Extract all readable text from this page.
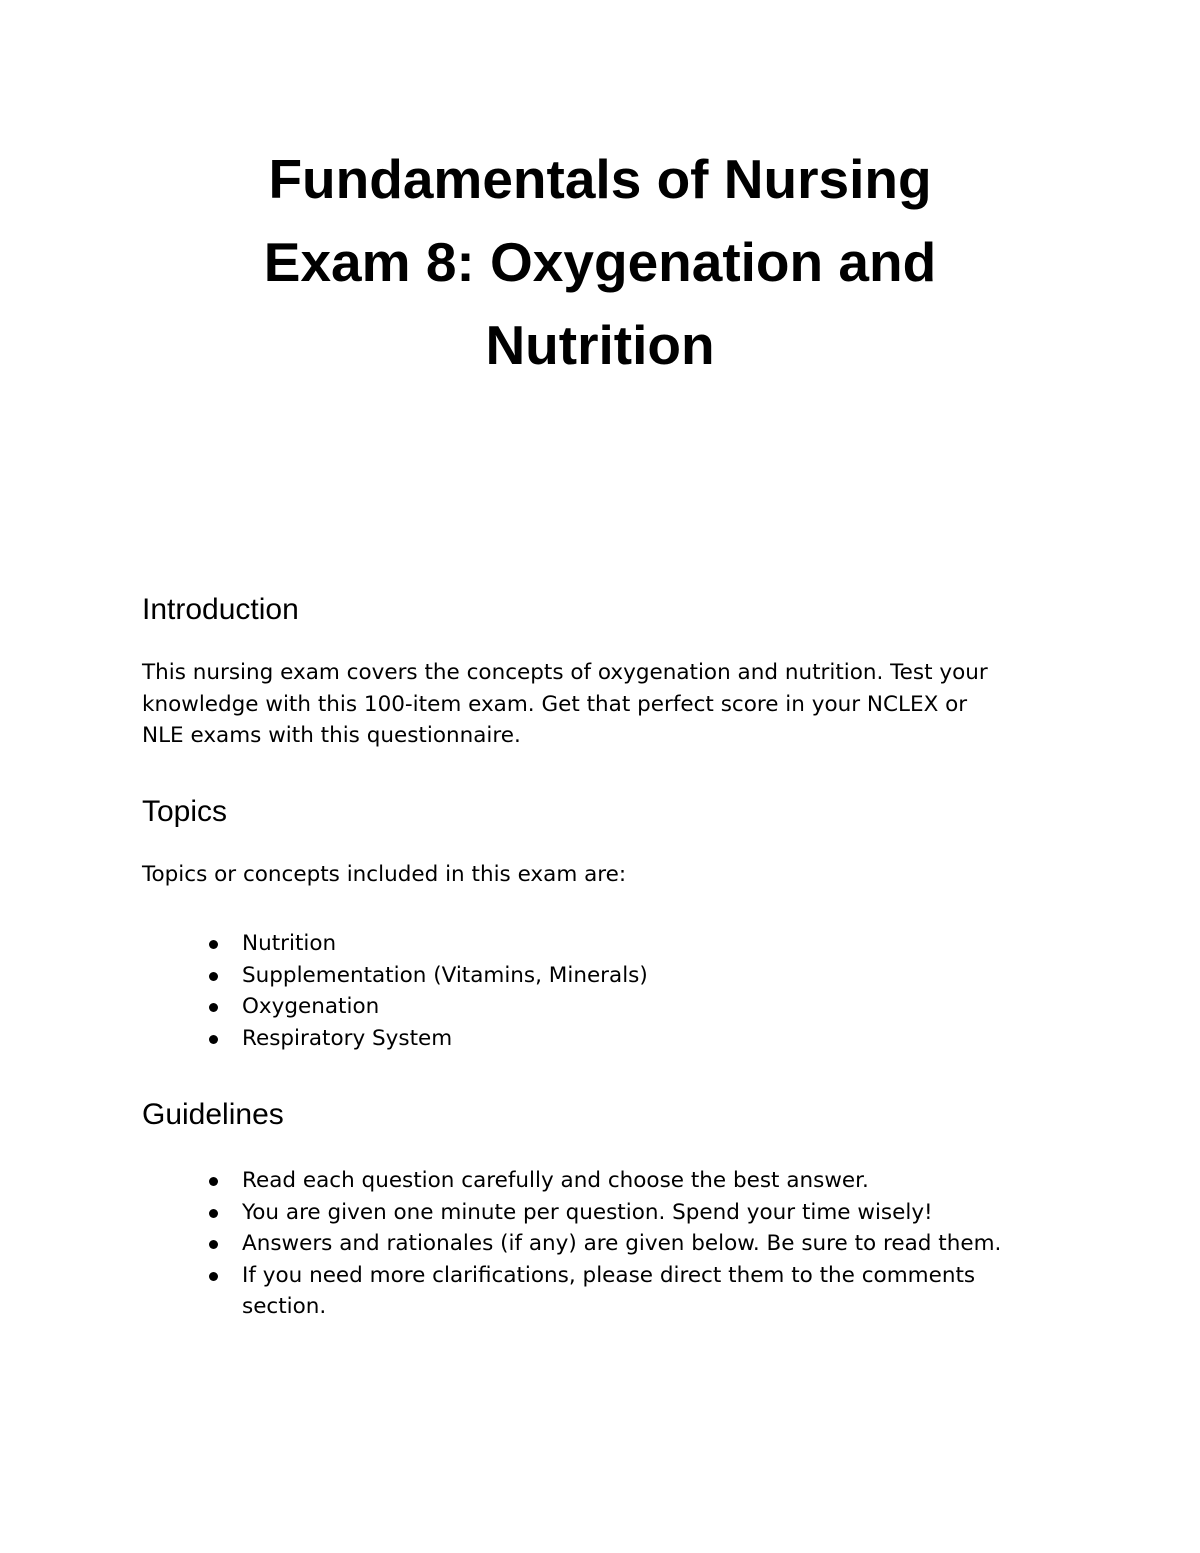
Fundamentals of Nursing
Exam 8: Oxygenation and
Nutrition
Introduction

This nursing exam covers the concepts of oxygenation and nutrition. Test your
knowledge with this 100-item exam. Get that perfect score in your NCLEX or
NLE exams with this questionnaire.

Topics

Topics or concepts included in this exam are:

Nutrition
Supplementation (Vitamins, Minerals)
Oxygenation
Respiratory System
Guidelines
Read each question carefully and choose the best answer.
You are given one minute per question. Spend your time wisely!
Answers and rationales (if any) are given below. Be sure to read them.
If you need more clarifications, please direct them to the comments section.
